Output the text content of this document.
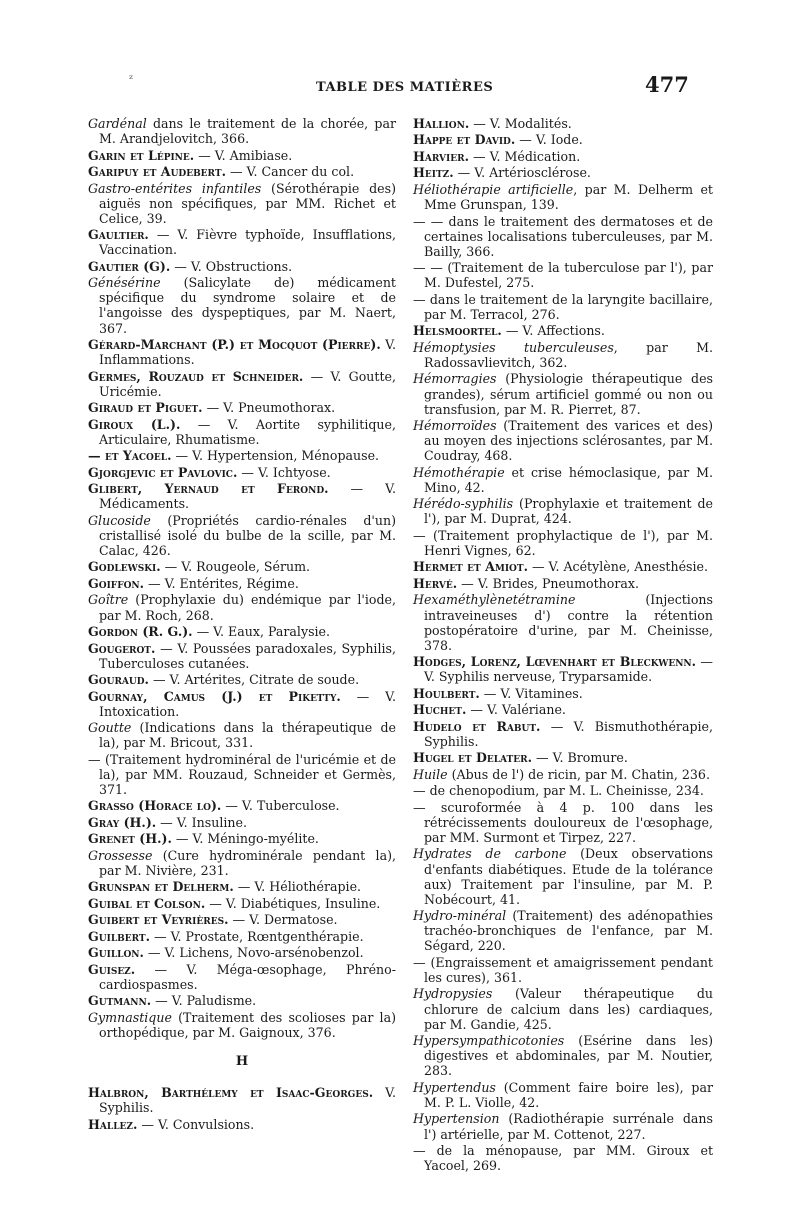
ᶻ
TABLE DES MATIÈRES	477

Gardénal dans le traitement de la chorée, par M. Arandjelovitch, 366.

Garin et Lépine. — V. Amibiase.

Garipuy et Audebert. — V. Cancer du col.

Gastro-entérites infantiles (Sérothérapie des) aiguës non spécifiques, par MM. Richet et Celice, 39.

Gaultier. — V. Fièvre typhoïde, Insufflations, Vaccination.

Gautier (G). — V. Obstructions.

Génésérine (Salicylate de) médicament spécifique du syndrome solaire et de l'angoisse des dyspeptiques, par M. Naert, 367.

Gérard-Marchant (P.) et Mocquot (Pierre). V. Inflammations.

Germes, Rouzaud et Schneider. — V. Goutte, Uricémie.

Giraud et Piguet. — V. Pneumothorax.

Giroux (L.). — V. Aortite syphilitique, Articulaire, Rhumatisme.

— et Yacoel. — V. Hypertension, Ménopause.

Gjorgjevic et Pavlovic. — V. Ichtyose.

Glibert, Yernaud et Ferond. — V. Médicaments.

Glucoside (Propriétés cardio-rénales d'un) cristallisé isolé du bulbe de la scille, par M. Calac, 426.

Godlewski. — V. Rougeole, Sérum.

Goiffon. — V. Entérites, Régime.

Goître (Prophylaxie du) endémique par l'iode, par M. Roch, 268.

Gordon (R. G.). — V. Eaux, Paralysie.

Gougerot. — V. Poussées paradoxales, Syphilis, Tuberculoses cutanées.

Gouraud. — V. Artérites, Citrate de soude.

Gournay, Camus (J.) et Piketty. — V. Intoxication.

Goutte (Indications dans la thérapeutique de la), par M. Bricout, 331.

— (Traitement hydrominéral de l'uricémie et de la), par MM. Rouzaud, Schneider et Germès, 371.

Grasso (Horace lo). — V. Tuberculose.

Gray (H.). — V. Insuline.

Grenet (H.). — V. Méningo-myélite.

Grossesse (Cure hydrominérale pendant la), par M. Nivière, 231.

Grunspan et Delherm. — V. Héliothérapie.

Guibal et Colson. — V. Diabétiques, Insuline.

Guibert et Veyrières. — V. Dermatose.

Guilbert. — V. Prostate, Rœntgenthérapie.

Guillon. — V. Lichens, Novo-arsénobenzol.

Guisez. — V. Méga-œsophage, Phréno-cardiospasmes.

Gutmann. — V. Paludisme.

Gymnastique (Traitement des scolioses par la) orthopédique, par M. Gaignoux, 376.

H

Halbron, Barthélemy et Isaac-Georges. V. Syphilis.

Hallez. — V. Convulsions.

Hallion. — V. Modalités.

Happe et David. — V. Iode.

Harvier. — V. Médication.

Heitz. — V. Artériosclérose.

Héliothérapie artificielle, par M. Delherm et Mme Grunspan, 139.

— — dans le traitement des dermatoses et de certaines localisations tuberculeuses, par M. Bailly, 366.

— — (Traitement de la tuberculose par l'), par M. Dufestel, 275.

— dans le traitement de la laryngite bacillaire, par M. Terracol, 276.

Helsmoortel. — V. Affections.

Hémoptysies tuberculeuses, par M. Radossavlievitch, 362.

Hémorragies (Physiologie thérapeutique des grandes), sérum artificiel gommé ou non ou transfusion, par M. R. Pierret, 87.

Hémorroïdes (Traitement des varices et des) au moyen des injections sclérosantes, par M. Coudray, 468.

Hémothérapie et crise hémoclasique, par M. Mino, 42.

Hérédo-syphilis (Prophylaxie et traitement de l'), par M. Duprat, 424.

— (Traitement prophylactique de l'), par M. Henri Vignes, 62.

Hermet et Amiot. — V. Acétylène, Anesthésie.

Hervé. — V. Brides, Pneumothorax.

Hexaméthylènetétramine (Injections intraveineuses d') contre la rétention postopératoire d'urine, par M. Cheinisse, 378.

Hodges, Lorenz, Lœvenhart et Bleckwenn. — V. Syphilis nerveuse, Tryparsamide.

Houlbert. — V. Vitamines.

Huchet. — V. Valériane.

Hudelo et Rabut. — V. Bismuthothérapie, Syphilis.

Hugel et Delater. — V. Bromure.

Huile (Abus de l') de ricin, par M. Chatin, 236.

— de chenopodium, par M. L. Cheinisse, 234.

— scuroformée à 4 p. 100 dans les rétrécissements douloureux de l'œsophage, par MM. Surmont et Tirpez, 227.

Hydrates de carbone (Deux observations d'enfants diabétiques. Etude de la tolérance aux) Traitement par l'insuline, par M. P. Nobécourt, 41.

Hydro-minéral (Traitement) des adénopathies trachéo-bronchiques de l'enfance, par M. Ségard, 220.

— (Engraissement et amaigrissement pendant les cures), 361.

Hydropysies (Valeur thérapeutique du chlorure de calcium dans les) cardiaques, par M. Gandie, 425.

Hypersympathicotonies (Esérine dans les) digestives et abdominales, par M. Noutier, 283.

Hypertendus (Comment faire boire les), par M. P. L. Violle, 42.

Hypertension (Radiothérapie surrénale dans l') artérielle, par M. Cottenot, 227.

— de la ménopause, par MM. Giroux et Yacoel, 269.
